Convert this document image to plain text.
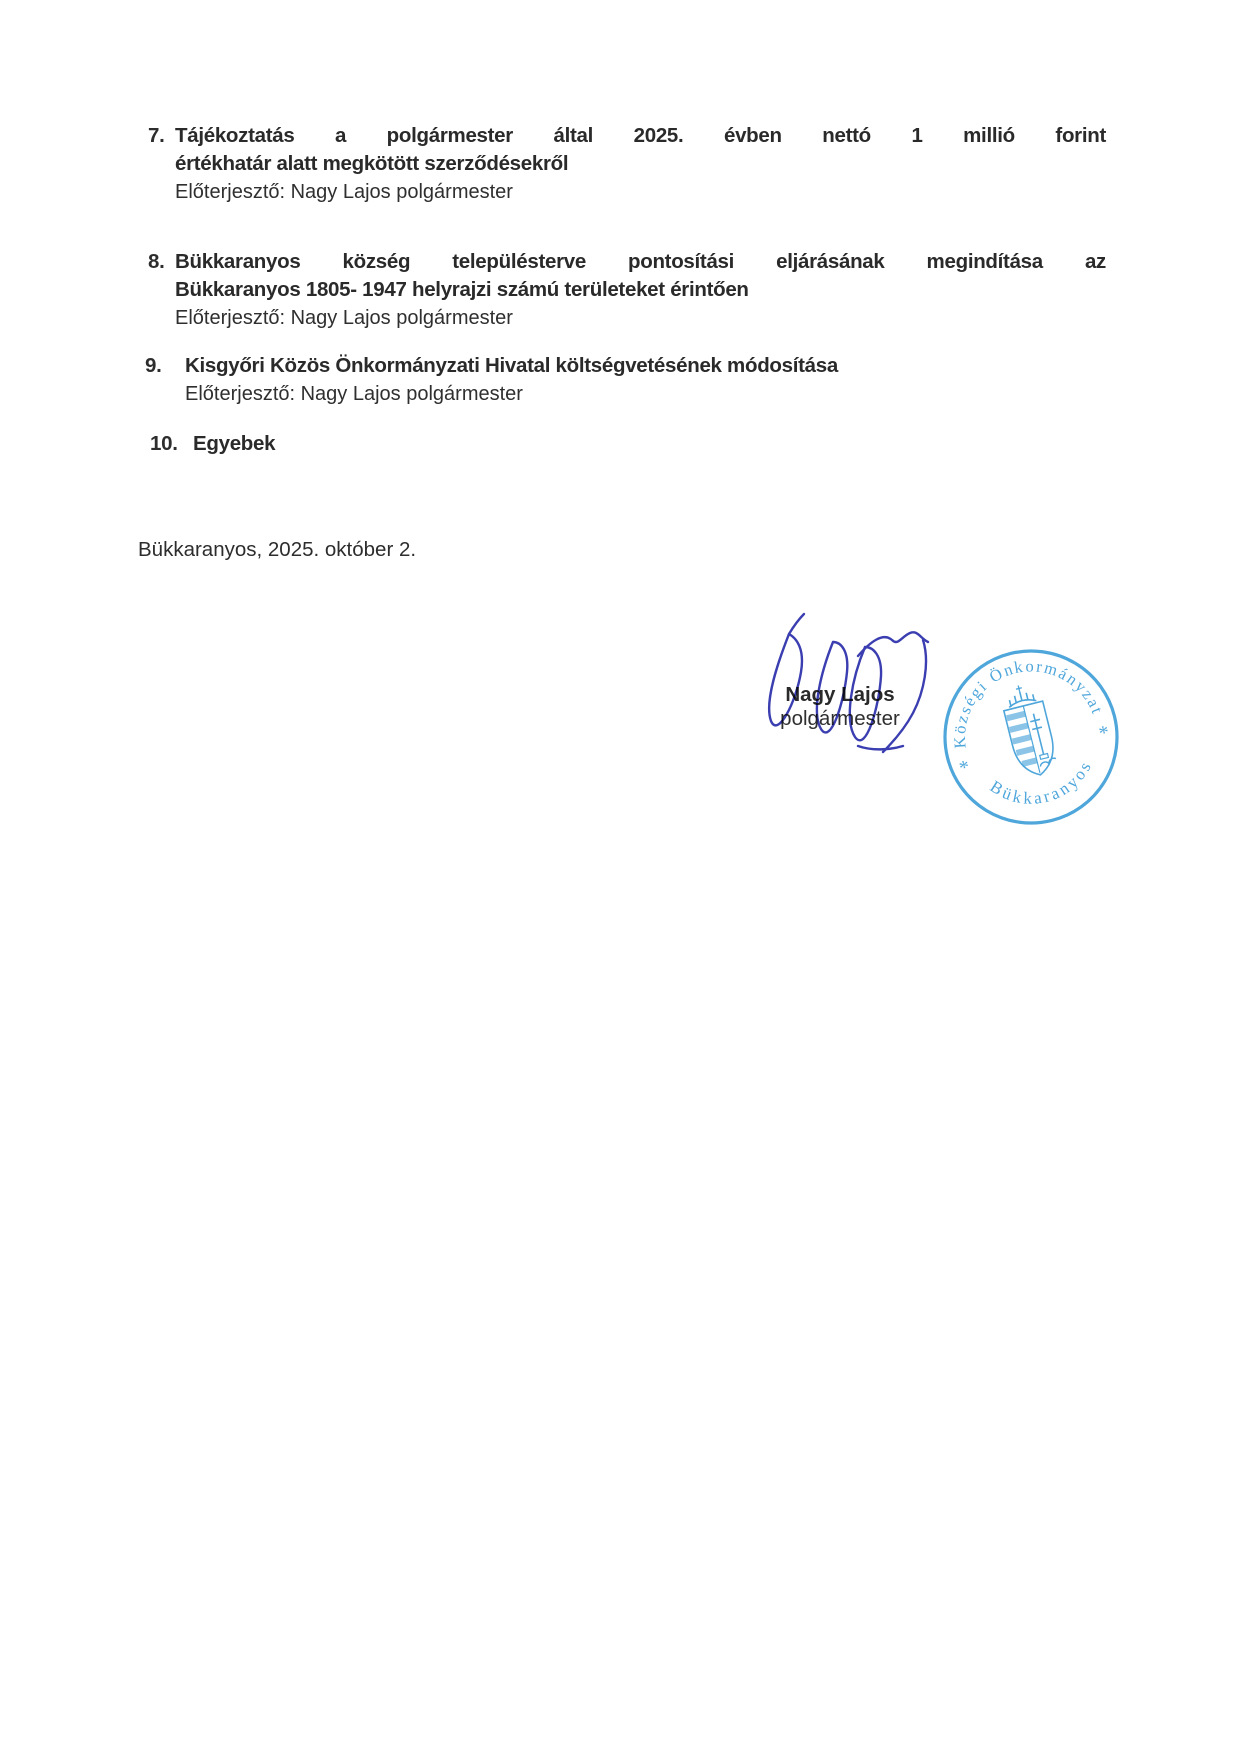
7. Tájékoztatás a polgármester által 2025. évben nettó 1 millió forint
értékhatár alatt megkötött szerződésekről
Előterjesztő: Nagy Lajos polgármester
8. Bükkaranyos község településterve pontosítási eljárásának megindítása az
Bükkaranyos 1805- 1947 helyrajzi számú területeket érintően
Előterjesztő: Nagy Lajos polgármester
9.	Kisgyőri Közös Önkormányzati Hivatal költségvetésének módosítása
Előterjesztő: Nagy Lajos polgármester
10. Egyebek
Bükkaranyos, 2025. október 2.
Nagy Lajos
polgármester
Községi Önkormányzat
Bükkaranyos
*
*
